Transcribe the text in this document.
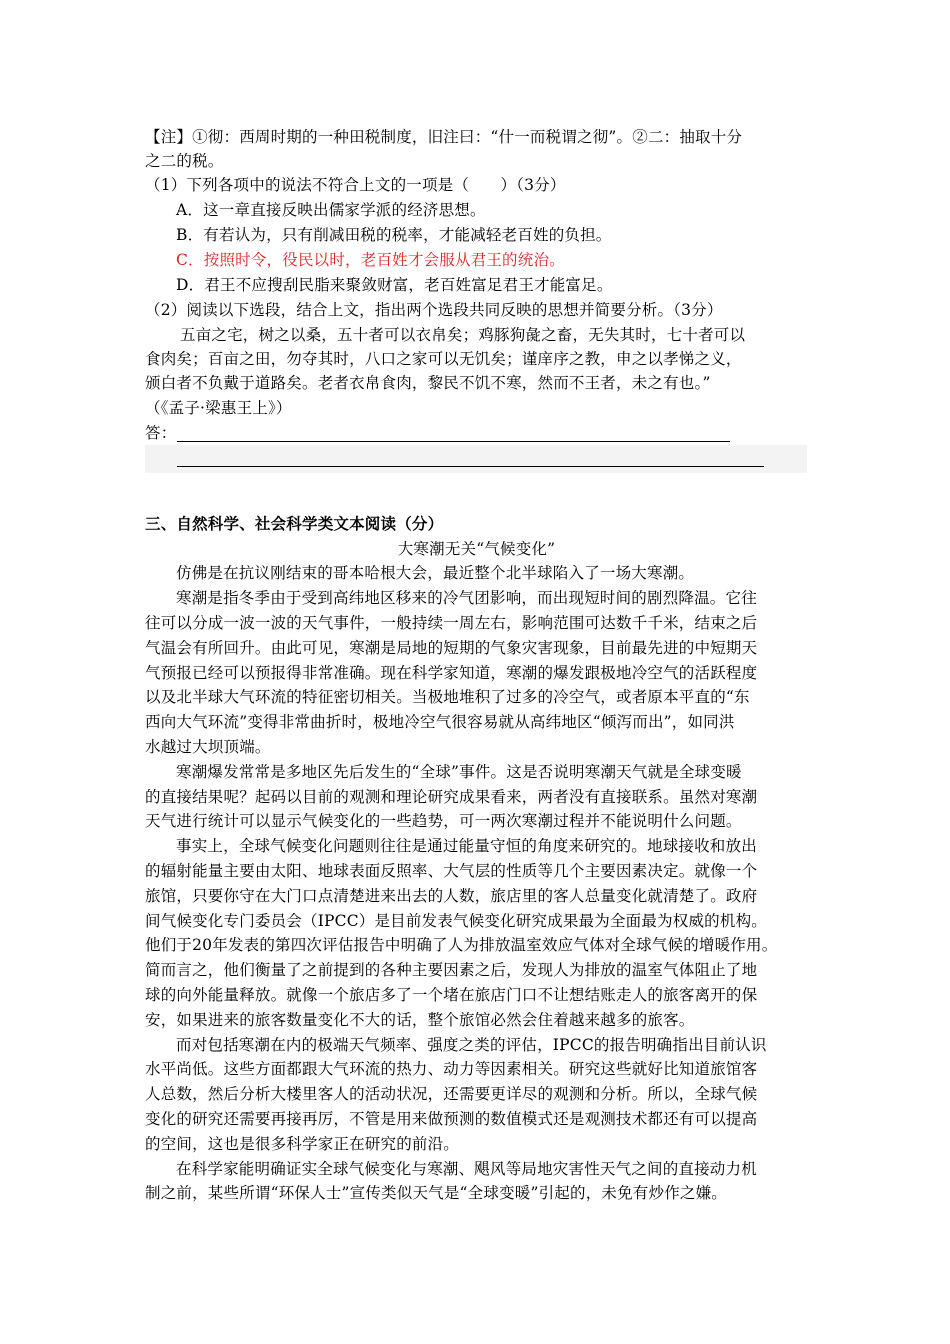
【注】①彻：西周时期的一种田税制度，旧注曰：“什一而税谓之彻”。②二：抽取十分
之二的税。
（1）下列各项中的说法不符合上文的一项是（　　）（3分）
A．这一章直接反映出儒家学派的经济思想。
B．有若认为，只有削减田税的税率，才能减轻老百姓的负担。
C．按照时令，役民以时，老百姓才会服从君王的统治。
D．君王不应搜刮民脂来聚敛财富，老百姓富足君王才能富足。
（2）阅读以下选段，结合上文，指出两个选段共同反映的思想并简要分析。（3分）
五亩之宅，树之以桑，五十者可以衣帛矣；鸡豚狗彘之畜，无失其时，七十者可以
食肉矣；百亩之田，勿夺其时，八口之家可以无饥矣；谨庠序之教，申之以孝悌之义，
颁白者不负戴于道路矣。老者衣帛食肉，黎民不饥不寒，然而不王者，未之有也。”
（《孟子·梁惠王上》）
答：
三、自然科学、社会科学类文本阅读（分）
大寒潮无关“气候变化”
仿佛是在抗议刚结束的哥本哈根大会，最近整个北半球陷入了一场大寒潮。
寒潮是指冬季由于受到高纬地区移来的冷气团影响，而出现短时间的剧烈降温。它往
往可以分成一波一波的天气事件，一般持续一周左右，影响范围可达数千千米，结束之后
气温会有所回升。由此可见，寒潮是局地的短期的气象灾害现象，目前最先进的中短期天
气预报已经可以预报得非常准确。现在科学家知道，寒潮的爆发跟极地冷空气的活跃程度
以及北半球大气环流的特征密切相关。当极地堆积了过多的冷空气，或者原本平直的“东
西向大气环流”变得非常曲折时，极地冷空气很容易就从高纬地区“倾泻而出”，如同洪
水越过大坝顶端。
寒潮爆发常常是多地区先后发生的“全球”事件。这是否说明寒潮天气就是全球变暖
的直接结果呢？起码以目前的观测和理论研究成果看来，两者没有直接联系。虽然对寒潮
天气进行统计可以显示气候变化的一些趋势，可一两次寒潮过程并不能说明什么问题。
事实上，全球气候变化问题则往往是通过能量守恒的角度来研究的。地球接收和放出
的辐射能量主要由太阳、地球表面反照率、大气层的性质等几个主要因素决定。就像一个
旅馆，只要你守在大门口点清楚进来出去的人数，旅店里的客人总量变化就清楚了。政府
间气候变化专门委员会（IPCC）是目前发表气候变化研究成果最为全面最为权威的机构。
他们于20年发表的第四次评估报告中明确了人为排放温室效应气体对全球气候的增暖作用。
简而言之，他们衡量了之前提到的各种主要因素之后，发现人为排放的温室气体阻止了地
球的向外能量释放。就像一个旅店多了一个堵在旅店门口不让想结账走人的旅客离开的保
安，如果进来的旅客数量变化不大的话，整个旅馆必然会住着越来越多的旅客。
而对包括寒潮在内的极端天气频率、强度之类的评估，IPCC的报告明确指出目前认识
水平尚低。这些方面都跟大气环流的热力、动力等因素相关。研究这些就好比知道旅馆客
人总数，然后分析大楼里客人的活动状况，还需要更详尽的观测和分析。所以，全球气候
变化的研究还需要再接再厉，不管是用来做预测的数值模式还是观测技术都还有可以提高
的空间，这也是很多科学家正在研究的前沿。
在科学家能明确证实全球气候变化与寒潮、飓风等局地灾害性天气之间的直接动力机
制之前，某些所谓“环保人士”宣传类似天气是“全球变暖”引起的，未免有炒作之嫌。
